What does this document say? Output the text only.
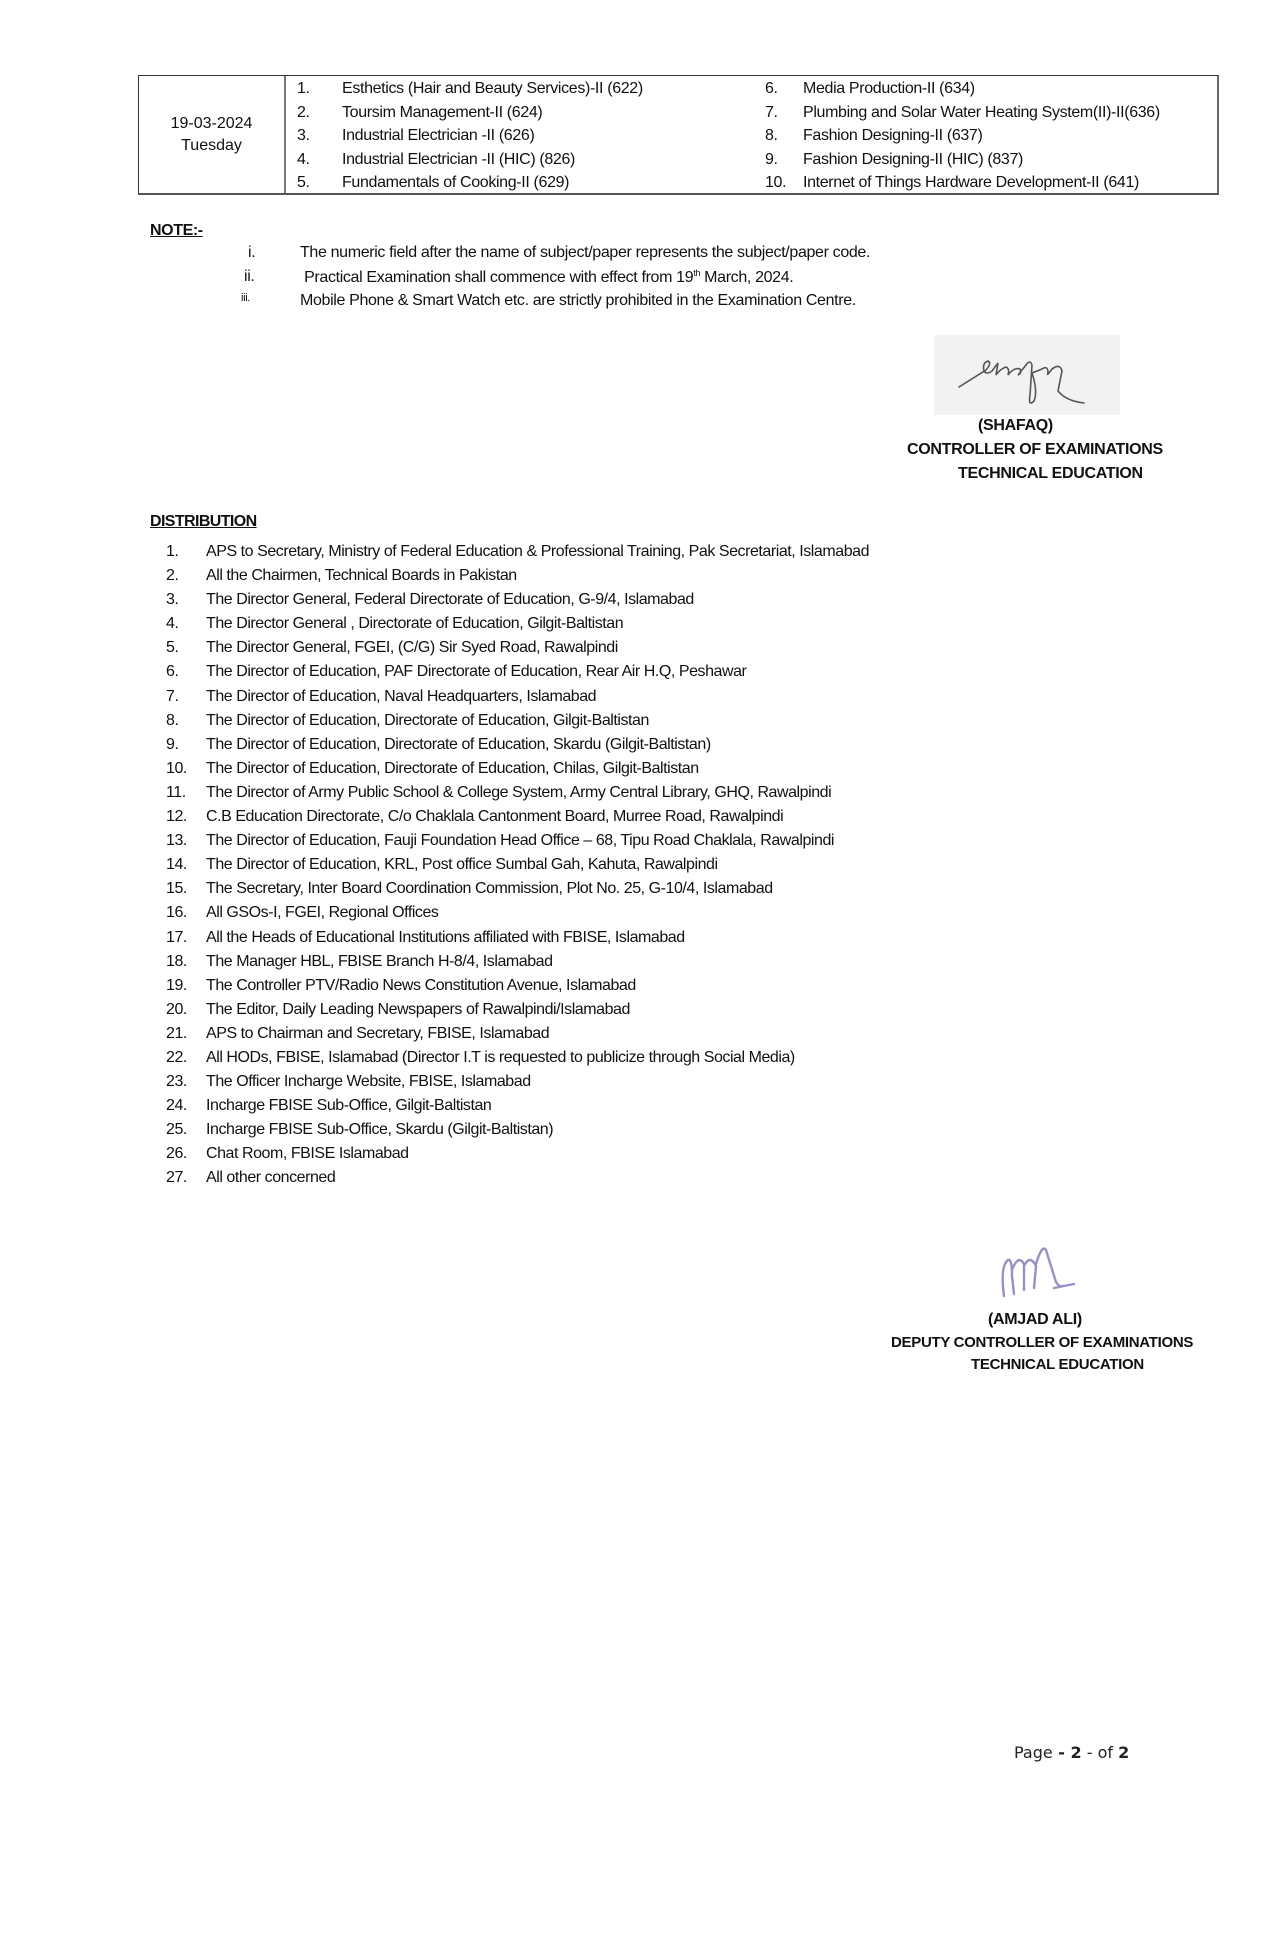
19-03-2024
Tuesday
1.	Esthetics (Hair and Beauty Services)-II (622)
2.	Toursim Management-II (624)
3.	Industrial Electrician -II (626)
4.	Industrial Electrician -II (HIC) (826)
5.	Fundamentals of Cooking-II (629)
6.	Media Production-II (634)
7.	Plumbing and Solar Water Heating System(II)-II(636)
8.	Fashion Designing-II (637)
9.	Fashion Designing-II (HIC) (837)
10.	Internet of Things Hardware Development-II (641)
NOTE:-
i.	The numeric field after the name of subject/paper represents the subject/paper code.
ii.	Practical Examination shall commence with effect from 19th March, 2024.
iii.	Mobile Phone & Smart Watch etc. are strictly prohibited in the Examination Centre.
(SHAFAQ)
CONTROLLER OF EXAMINATIONS
TECHNICAL EDUCATION
DISTRIBUTION
1.	APS to Secretary, Ministry of Federal Education & Professional Training, Pak Secretariat, Islamabad
2.	All the Chairmen, Technical Boards in Pakistan
3.	The Director General, Federal Directorate of Education, G-9/4, Islamabad
4.	The Director General , Directorate of Education, Gilgit-Baltistan
5.	The Director General, FGEI, (C/G) Sir Syed Road, Rawalpindi
6.	The Director of Education, PAF Directorate of Education, Rear Air H.Q, Peshawar
7.	The Director of Education, Naval Headquarters, Islamabad
8.	The Director of Education, Directorate of Education, Gilgit-Baltistan
9.	The Director of Education, Directorate of Education, Skardu (Gilgit-Baltistan)
10.	The Director of Education, Directorate of Education, Chilas, Gilgit-Baltistan
11.	The Director of Army Public School & College System, Army Central Library, GHQ, Rawalpindi
12.	C.B Education Directorate, C/o Chaklala Cantonment Board, Murree Road, Rawalpindi
13.	The Director of Education, Fauji Foundation Head Office – 68, Tipu Road Chaklala, Rawalpindi
14.	The Director of Education, KRL, Post office Sumbal Gah, Kahuta, Rawalpindi
15.	The Secretary, Inter Board Coordination Commission, Plot No. 25, G-10/4, Islamabad
16.	All GSOs-I, FGEI, Regional Offices
17.	All the Heads of Educational Institutions affiliated with FBISE, Islamabad
18.	The Manager HBL, FBISE Branch H-8/4, Islamabad
19.	The Controller PTV/Radio News Constitution Avenue, Islamabad
20.	The Editor, Daily Leading Newspapers of Rawalpindi/Islamabad
21.	APS to Chairman and Secretary, FBISE, Islamabad
22.	All HODs, FBISE, Islamabad (Director I.T is requested to publicize through Social Media)
23.	The Officer Incharge Website, FBISE, Islamabad
24.	Incharge FBISE Sub-Office, Gilgit-Baltistan
25.	Incharge FBISE Sub-Office, Skardu (Gilgit-Baltistan)
26.	Chat Room, FBISE Islamabad
27.	All other concerned
(AMJAD ALI)
DEPUTY CONTROLLER OF EXAMINATIONS
TECHNICAL EDUCATION
Page - 2 - of 2
